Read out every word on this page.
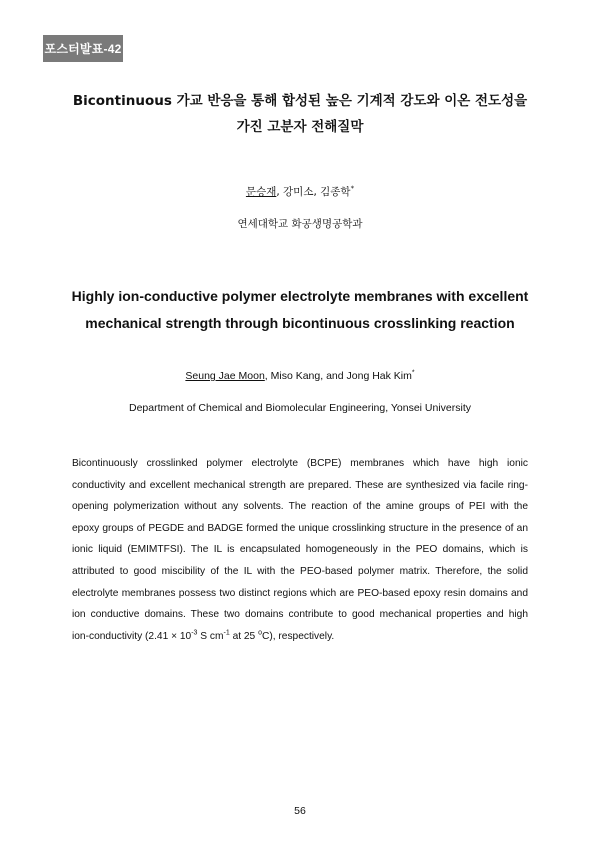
포스터발표-42
Bicontinuous 가교 반응을 통해 합성된 높은 기계적 강도와 이온 전도성을
가진 고분자 전해질막
문승재, 강미소, 김종학*
연세대학교 화공생명공학과
Highly ion-conductive polymer electrolyte membranes with excellent
mechanical strength through bicontinuous crosslinking reaction
Seung Jae Moon, Miso Kang, and Jong Hak Kim*
Department of Chemical and Biomolecular Engineering, Yonsei University
Bicontinuously crosslinked polymer electrolyte (BCPE) membranes which have high ionic
conductivity and excellent mechanical strength are prepared. These are synthesized via facile ring-
opening polymerization without any solvents. The reaction of the amine groups of PEI with the
epoxy groups of PEGDE and BADGE formed the unique crosslinking structure in the presence of an
ionic liquid (EMIMTFSI). The IL is encapsulated homogeneously in the PEO domains, which is
attributed to good miscibility of the IL with the PEO-based polymer matrix. Therefore, the solid
electrolyte membranes possess two distinct regions which are PEO-based epoxy resin domains and
ion conductive domains. These two domains contribute to good mechanical properties and high
ion-conductivity ($2.41 \times 10^{-3}$ S $cm^{-1}$ at 25 $^o$C), respectively.
56
